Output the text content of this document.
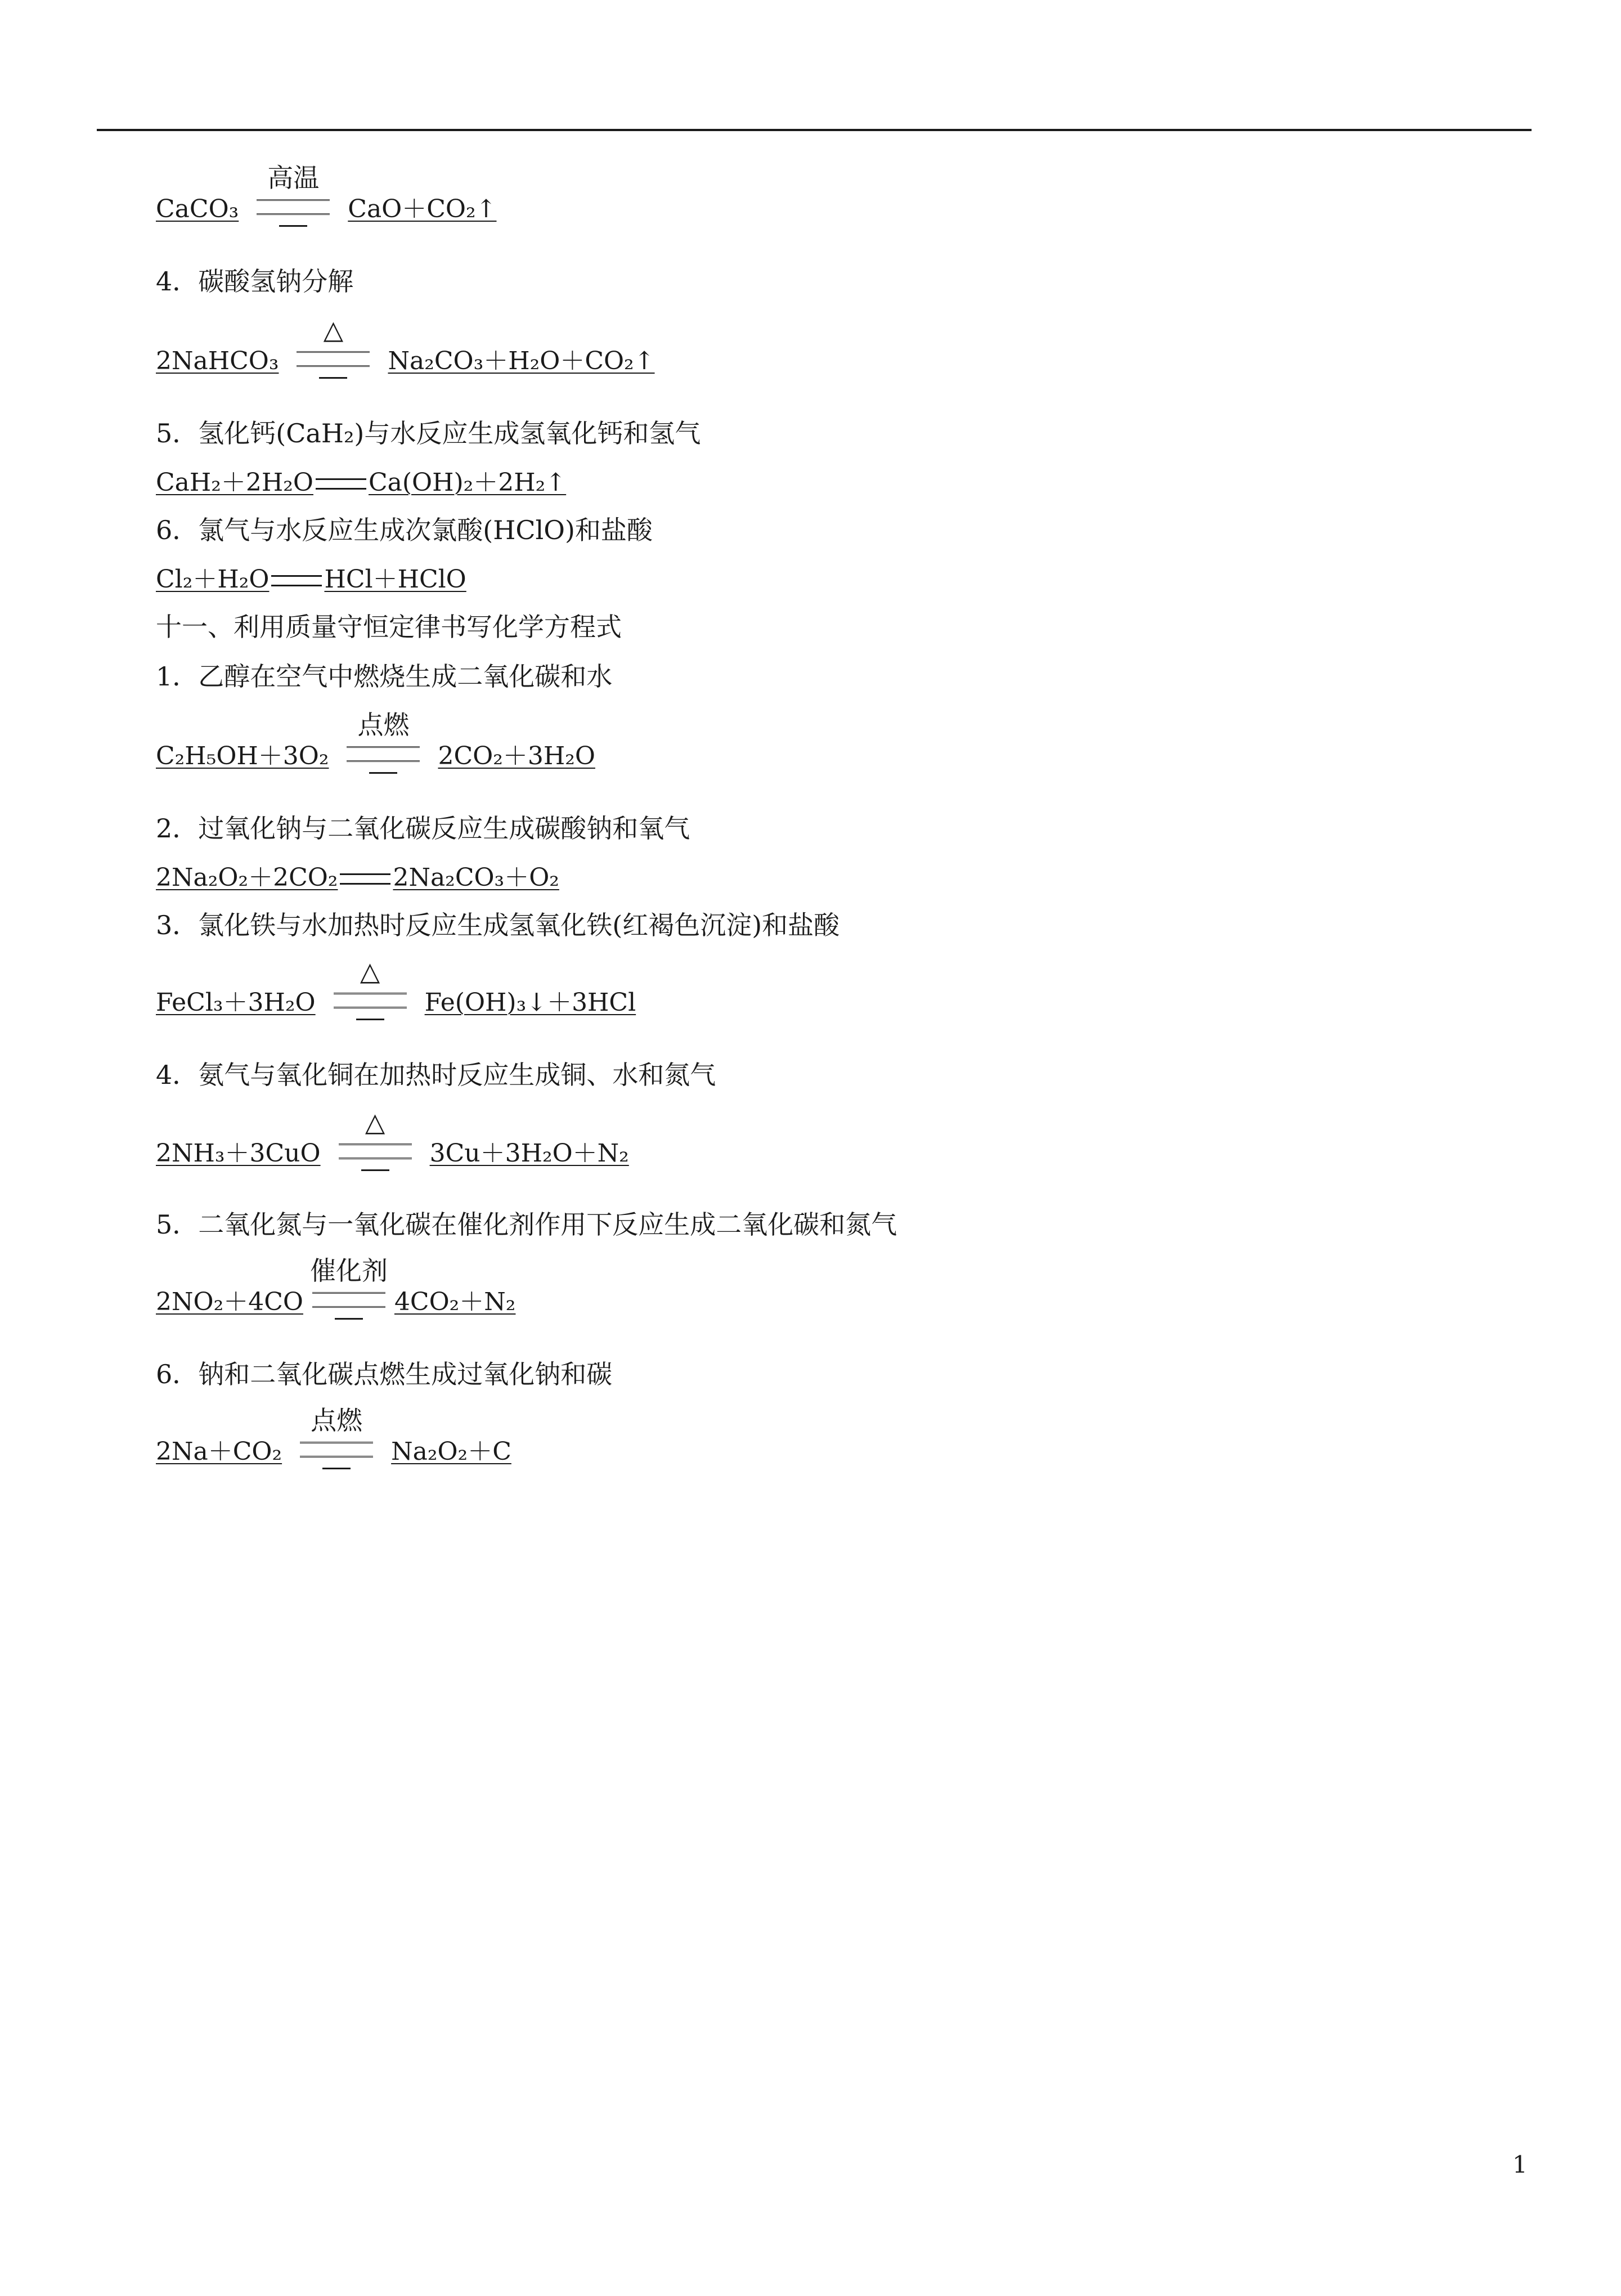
CaCO₃
高温
CaO＋CO₂↑
4．碳酸氢钠分解
2NaHCO₃
△
Na₂CO₃＋H₂O＋CO₂↑
5．氢化钙(CaH₂)与水反应生成氢氧化钙和氢气
CaH₂＋2H₂O Ca(OH)₂＋2H₂↑
6．氯气与水反应生成次氯酸(HClO)和盐酸
Cl₂＋H₂O HCl＋HClO
十一、利用质量守恒定律书写化学方程式
1．乙醇在空气中燃烧生成二氧化碳和水
C₂H₅OH＋3O₂
点燃
2CO₂＋3H₂O
2．过氧化钠与二氧化碳反应生成碳酸钠和氧气
2Na₂O₂＋2CO₂ 2Na₂CO₃＋O₂
3．氯化铁与水加热时反应生成氢氧化铁(红褐色沉淀)和盐酸
FeCl₃＋3H₂O
△
Fe(OH)₃↓＋3HCl
4．氨气与氧化铜在加热时反应生成铜、水和氮气
2NH₃＋3CuO
△
3Cu＋3H₂O＋N₂
5．二氧化氮与一氧化碳在催化剂作用下反应生成二氧化碳和氮气
2NO₂＋4CO
催化剂
4CO₂＋N₂
6．钠和二氧化碳点燃生成过氧化钠和碳
2Na＋CO₂
点燃
Na₂O₂＋C
1
